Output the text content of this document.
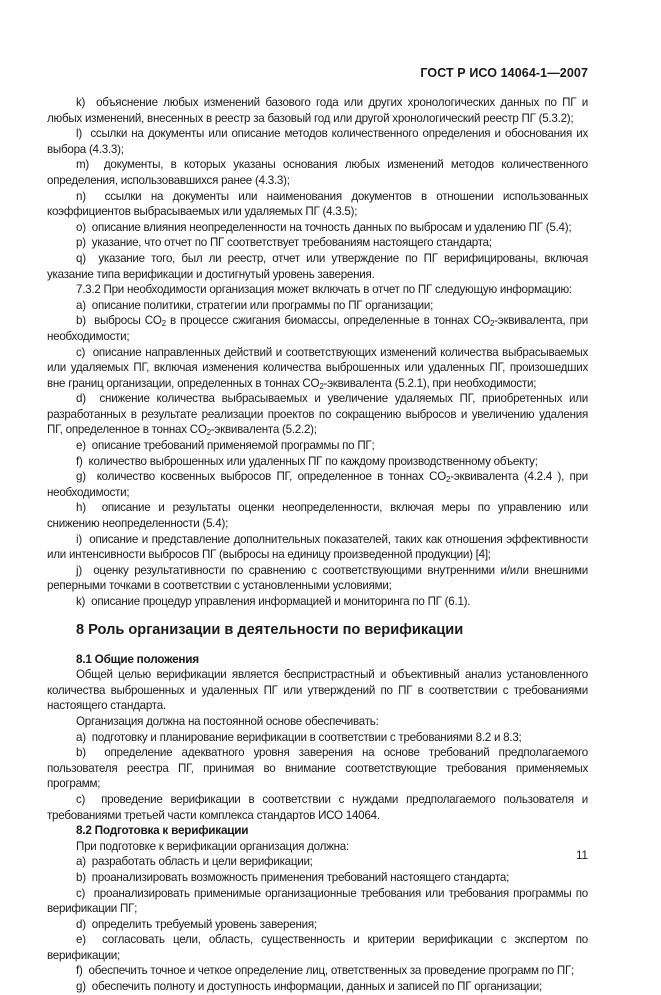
ГОСТ Р ИСО 14064-1—2007

k) объяснение любых изменений базового года или других хронологических данных по ПГ и любых изменений, внесенных в реестр за базовый год или другой хронологический реестр ПГ (5.3.2);

l) ссылки на документы или описание методов количественного определения и обоснования их выбора (4.3.3);

m) документы, в которых указаны основания любых изменений методов количественного определения, использовавшихся ранее (4.3.3);

n) ссылки на документы или наименования документов в отношении использованных коэффициентов выбрасываемых или удаляемых ПГ (4.3.5);

o) описание влияния неопределенности на точность данных по выбросам и удалению ПГ (5.4);

p) указание, что отчет по ПГ соответствует требованиям настоящего стандарта;

q) указание того, был ли реестр, отчет или утверждение по ПГ верифицированы, включая указание типа верификации и достигнутый уровень заверения.

7.3.2 При необходимости организация может включать в отчет по ПГ следующую информацию:

a) описание политики, стратегии или программы по ПГ организации;

b) выбросы $CO_2$ в процессе сжигания биомассы, определенные в тоннах $CO_2$-эквивалента, при необходимости;

c) описание направленных действий и соответствующих изменений количества выбрасываемых или удаляемых ПГ, включая изменения количества выброшенных или удаленных ПГ, произошедших вне границ организации, определенных в тоннах $CO_2$-эквивалента (5.2.1), при необходимости;

d) снижение количества выбрасываемых и увеличение удаляемых ПГ, приобретенных или разработанных в результате реализации проектов по сокращению выбросов и увеличению удаления ПГ, определенное в тоннах $CO_2$-эквивалента (5.2.2);

e) описание требований применяемой программы по ПГ;

f) количество выброшенных или удаленных ПГ по каждому производственному объекту;

g) количество косвенных выбросов ПГ, определенное в тоннах $CO_2$-эквивалента (4.2.4 ), при необходимости;

h) описание и результаты оценки неопределенности, включая меры по управлению или снижению неопределенности (5.4);

i) описание и представление дополнительных показателей, таких как отношения эффективности или интенсивности выбросов ПГ (выбросы на единицу произведенной продукции) [4];

j) оценку результативности по сравнению с соответствующими внутренними и/или внешними реперными точками в соответствии с установленными условиями;

k) описание процедур управления информацией и мониторинга по ПГ (6.1).

8 Роль организации в деятельности по верификации
8.1 Общие положения

Общей целью верификации является беспристрастный и объективный анализ установленного количества выброшенных и удаленных ПГ или утверждений по ПГ в соответствии с требованиями настоящего стандарта.

Организация должна на постоянной основе обеспечивать:

a) подготовку и планирование верификации в соответствии с требованиями 8.2 и 8.3;

b) определение адекватного уровня заверения на основе требований предполагаемого пользователя реестра ПГ, принимая во внимание соответствующие требования применяемых программ;

c) проведение верификации в соответствии с нуждами предполагаемого пользователя и требованиями третьей части комплекса стандартов ИСО 14064.

8.2 Подготовка к верификации

При подготовке к верификации организация должна:

a) разработать область и цели верификации;

b) проанализировать возможность применения требований настоящего стандарта;

c) проанализировать применимые организационные требования или требования программы по верификации ПГ;

d) определить требуемый уровень заверения;

e) согласовать цели, область, существенность и критерии верификации с экспертом по верификации;

f) обеспечить точное и четкое определение лиц, ответственных за проведение программ по ПГ;

g) обеспечить полноту и доступность информации, данных и записей по ПГ организации;

11
